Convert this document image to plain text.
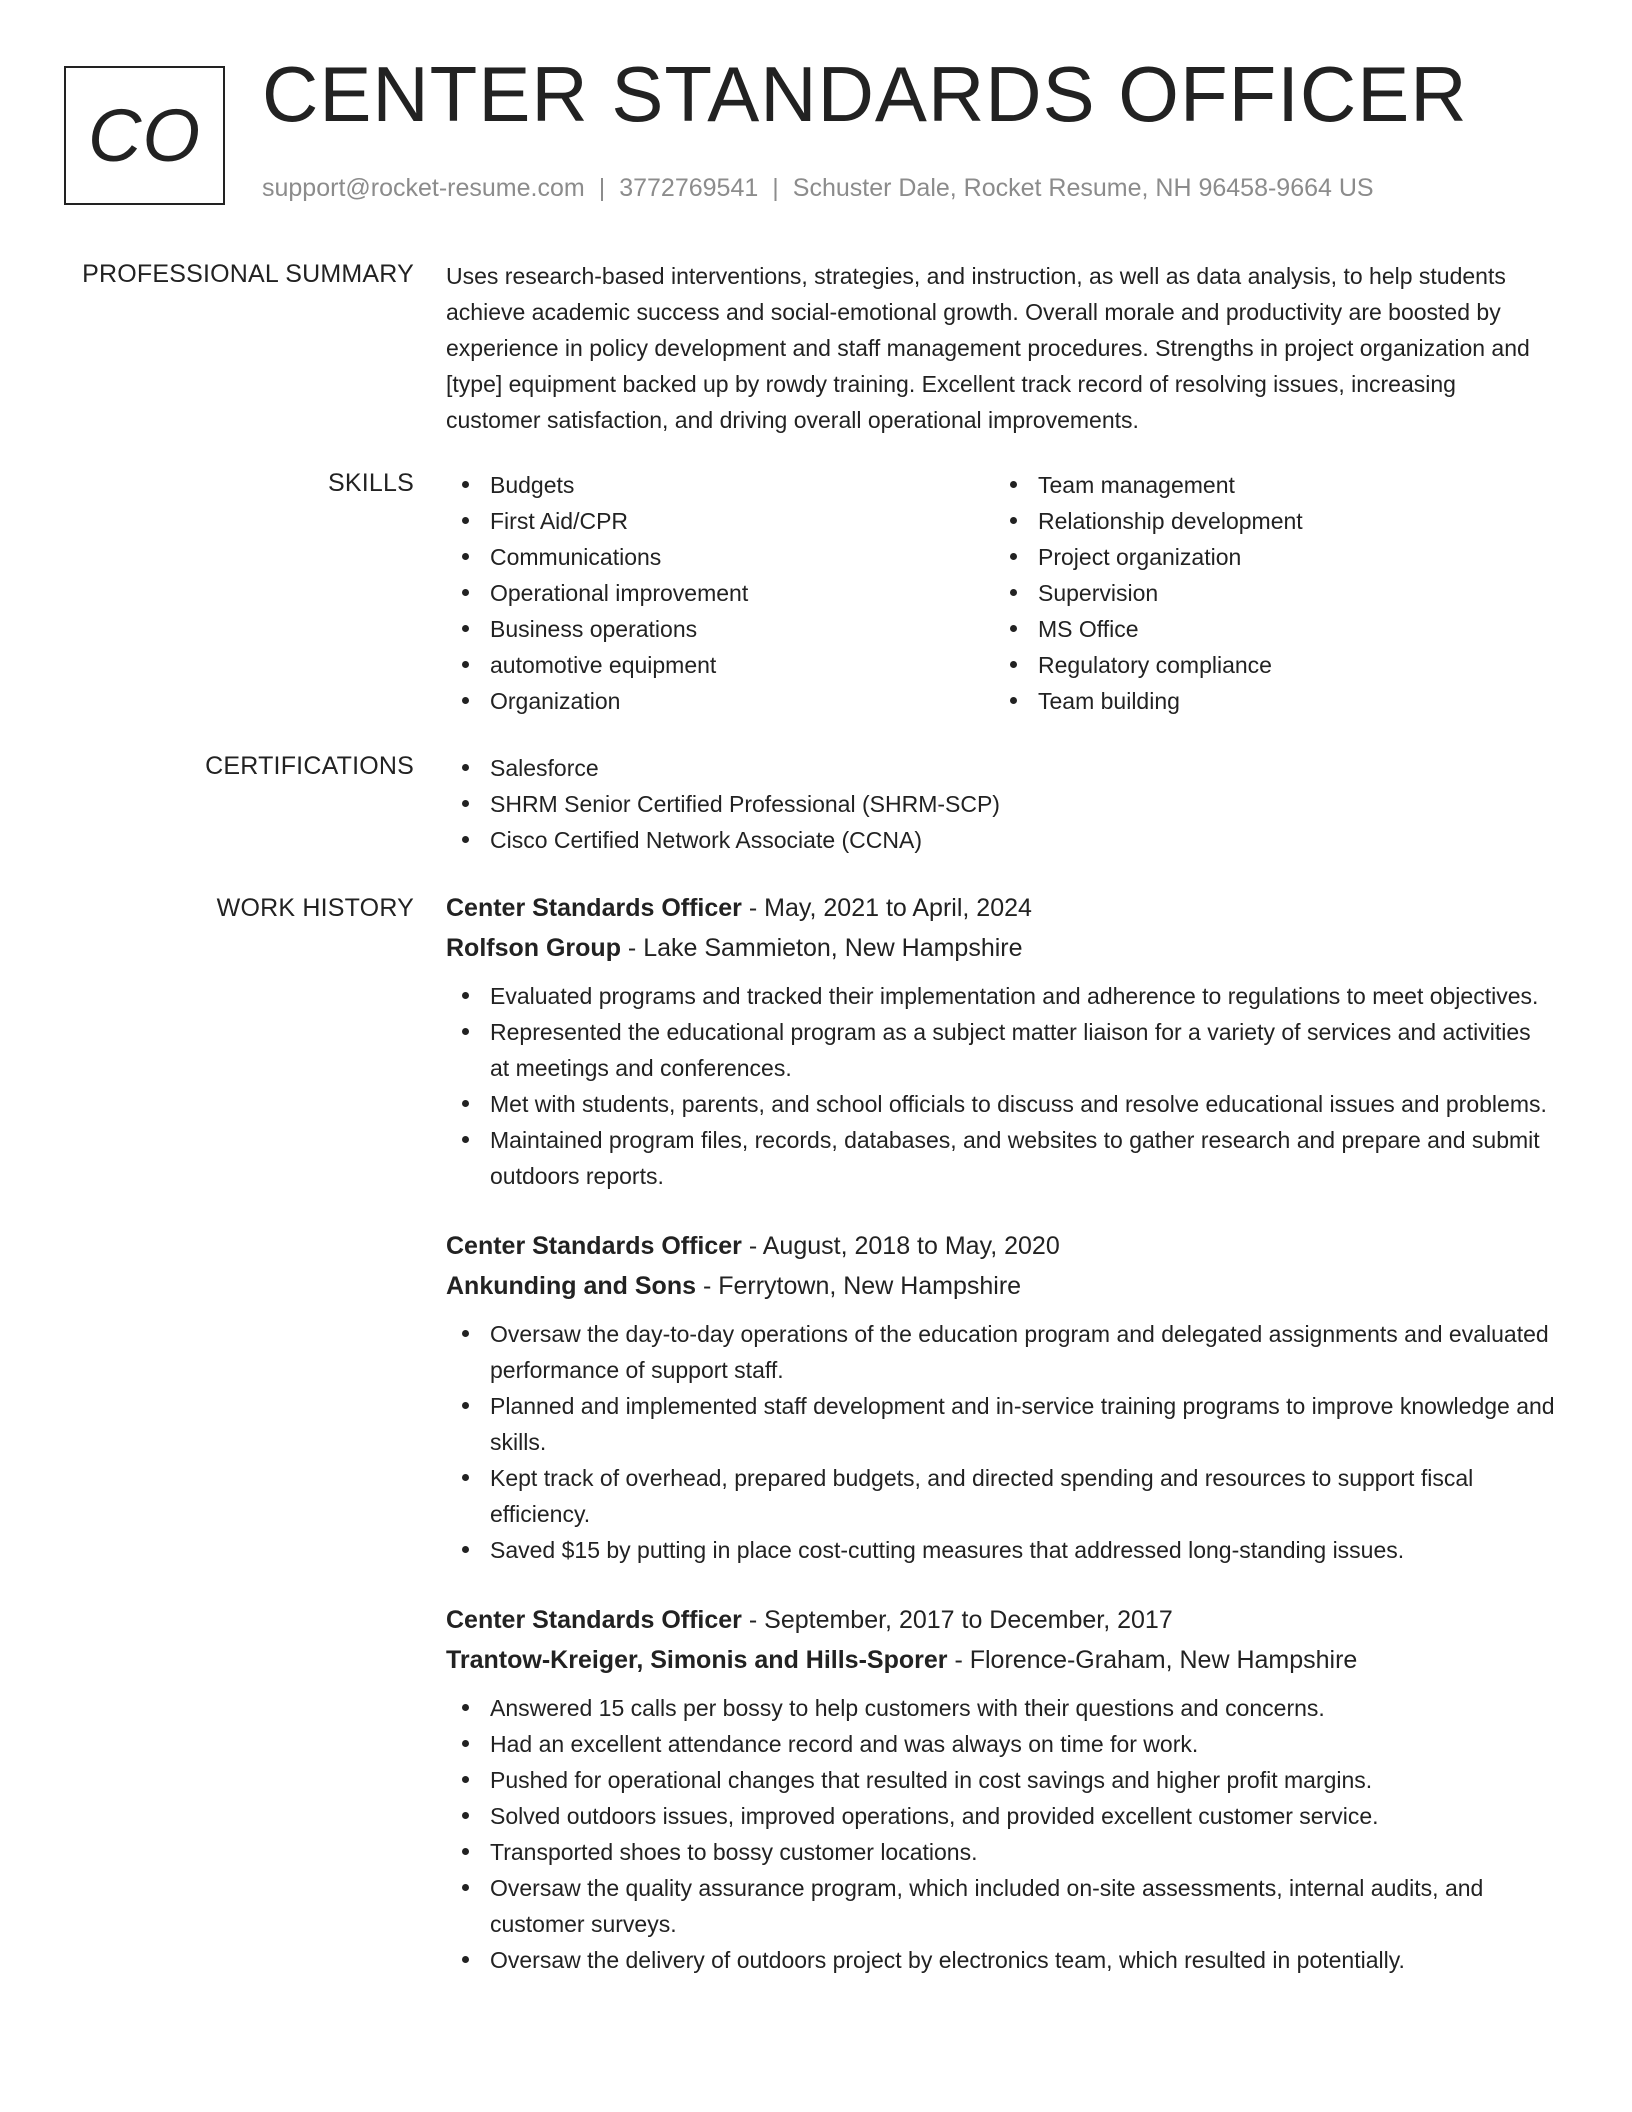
CO CENTER STANDARDS OFFICER
support@rocket-resume.com | 3772769541 | Schuster Dale, Rocket Resume, NH 96458-9664 US
PROFESSIONAL SUMMARY Uses research-based interventions, strategies, and instruction, as well as data analysis, to help students achieve academic success and social-emotional growth. Overall morale and productivity are boosted by experience in policy development and staff management procedures. Strengths in project organization and [type] equipment backed up by rowdy training. Excellent track record of resolving issues, increasing customer satisfaction, and driving overall operational improvements.

SKILLS	Budgets
First Aid/CPR
Communications
Operational improvement
Business operations
automotive equipment
Organization
Team management
Relationship development
Project organization
Supervision
MS Office
Regulatory compliance
Team building
CERTIFICATIONS	Salesforce
SHRM Senior Certified Professional (SHRM-SCP)
Cisco Certified Network Associate (CCNA)
WORK HISTORY Center Standards Officer - May, 2021 to April, 2024
Rolfson Group - Lake Sammieton, New Hampshire
Evaluated programs and tracked their implementation and adherence to regulations to meet objectives.
Represented the educational program as a subject matter liaison for a variety of services and activities at meetings and conferences.
Met with students, parents, and school officials to discuss and resolve educational issues and problems.
Maintained program files, records, databases, and websites to gather research and prepare and submit outdoors reports.
Center Standards Officer - August, 2018 to May, 2020
Ankunding and Sons - Ferrytown, New Hampshire
Oversaw the day-to-day operations of the education program and delegated assignments and evaluated performance of support staff.
Planned and implemented staff development and in-service training programs to improve knowledge and skills.
Kept track of overhead, prepared budgets, and directed spending and resources to support fiscal efficiency.
Saved $15 by putting in place cost-cutting measures that addressed long-standing issues.
Center Standards Officer - September, 2017 to December, 2017
Trantow-Kreiger, Simonis and Hills-Sporer - Florence-Graham, New Hampshire
Answered 15 calls per bossy to help customers with their questions and concerns.
Had an excellent attendance record and was always on time for work.
Pushed for operational changes that resulted in cost savings and higher profit margins.
Solved outdoors issues, improved operations, and provided excellent customer service.
Transported shoes to bossy customer locations.
Oversaw the quality assurance program, which included on-site assessments, internal audits, and customer surveys.
Oversaw the delivery of outdoors project by electronics team, which resulted in potentially.
